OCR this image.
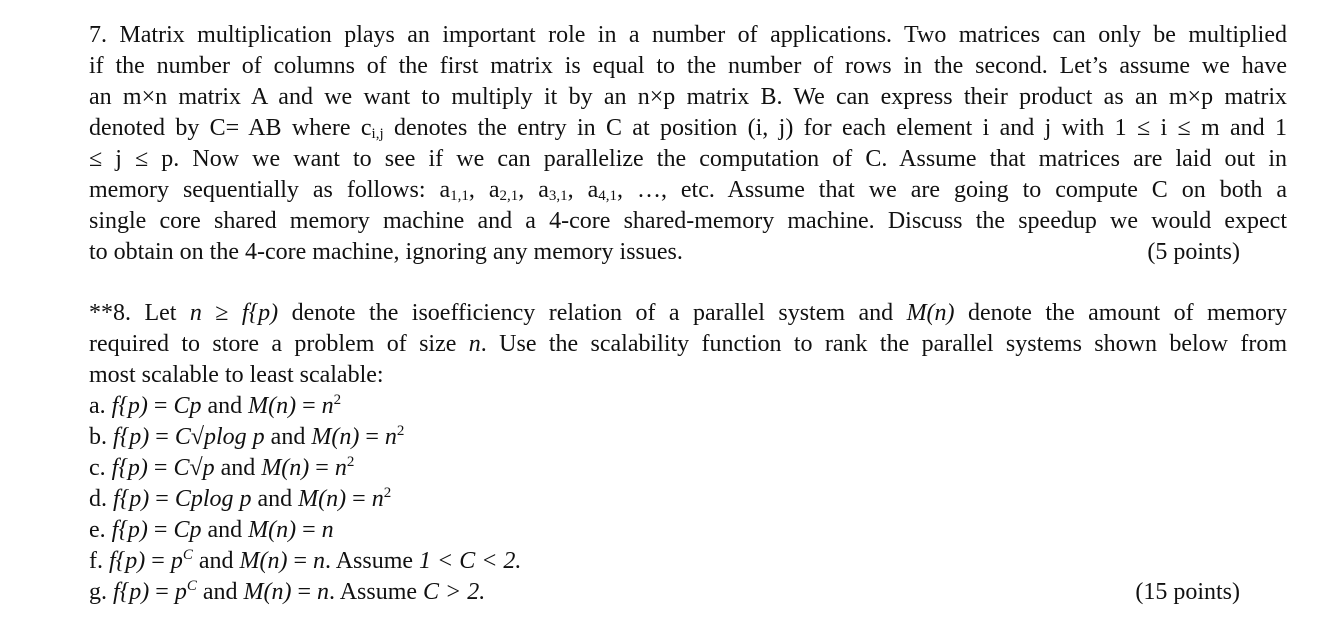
7. Matrix multiplication plays an important role in a number of applications. Two matrices can only be multiplied
if the number of columns of the first matrix is equal to the number of rows in the second. Let’s assume we have
an m×n matrix A and we want to multiply it by an n×p matrix B. We can express their product as an m×p matrix
denoted by C= AB where $c_{i,j}$ denotes the entry in C at position (i, j) for each element i and j with 1 ≤ i ≤ m and 1
≤ j ≤ p. Now we want to see if we can parallelize the computation of C. Assume that matrices are laid out in
memory sequentially as follows: $a_{1,1}$, $a_{2,1}$, $a_{3,1}$, $a_{4,1}$, …, etc. Assume that we are going to compute C on both a
single core shared memory machine and a 4-core shared-memory machine. Discuss the speedup we would expect
to obtain on the 4-core machine, ignoring any memory issues.	(5 points)
**8. Let n ≥ f{p) denote the isoefficiency relation of a parallel system and M(n) denote the amount of memory
required to store a problem of size n. Use the scalability function to rank the parallel systems shown below from
most scalable to least scalable:
a. f{p) = Cp and $M(n) = n^2$
b. f{p) = C√plog p and $M(n) = n^2$
c. f{p) = C√p and $M(n) = n^2$
d. f{p) = Cplog p and $M(n) = n^2$
e. f{p) = Cp and M(n) = n
f. $f\{p) = p^C$ and M(n) = n. Assume 1 < C < 2.
g. $f\{p) = p^C$ and M(n) = n. Assume C > 2.	(15 points)
